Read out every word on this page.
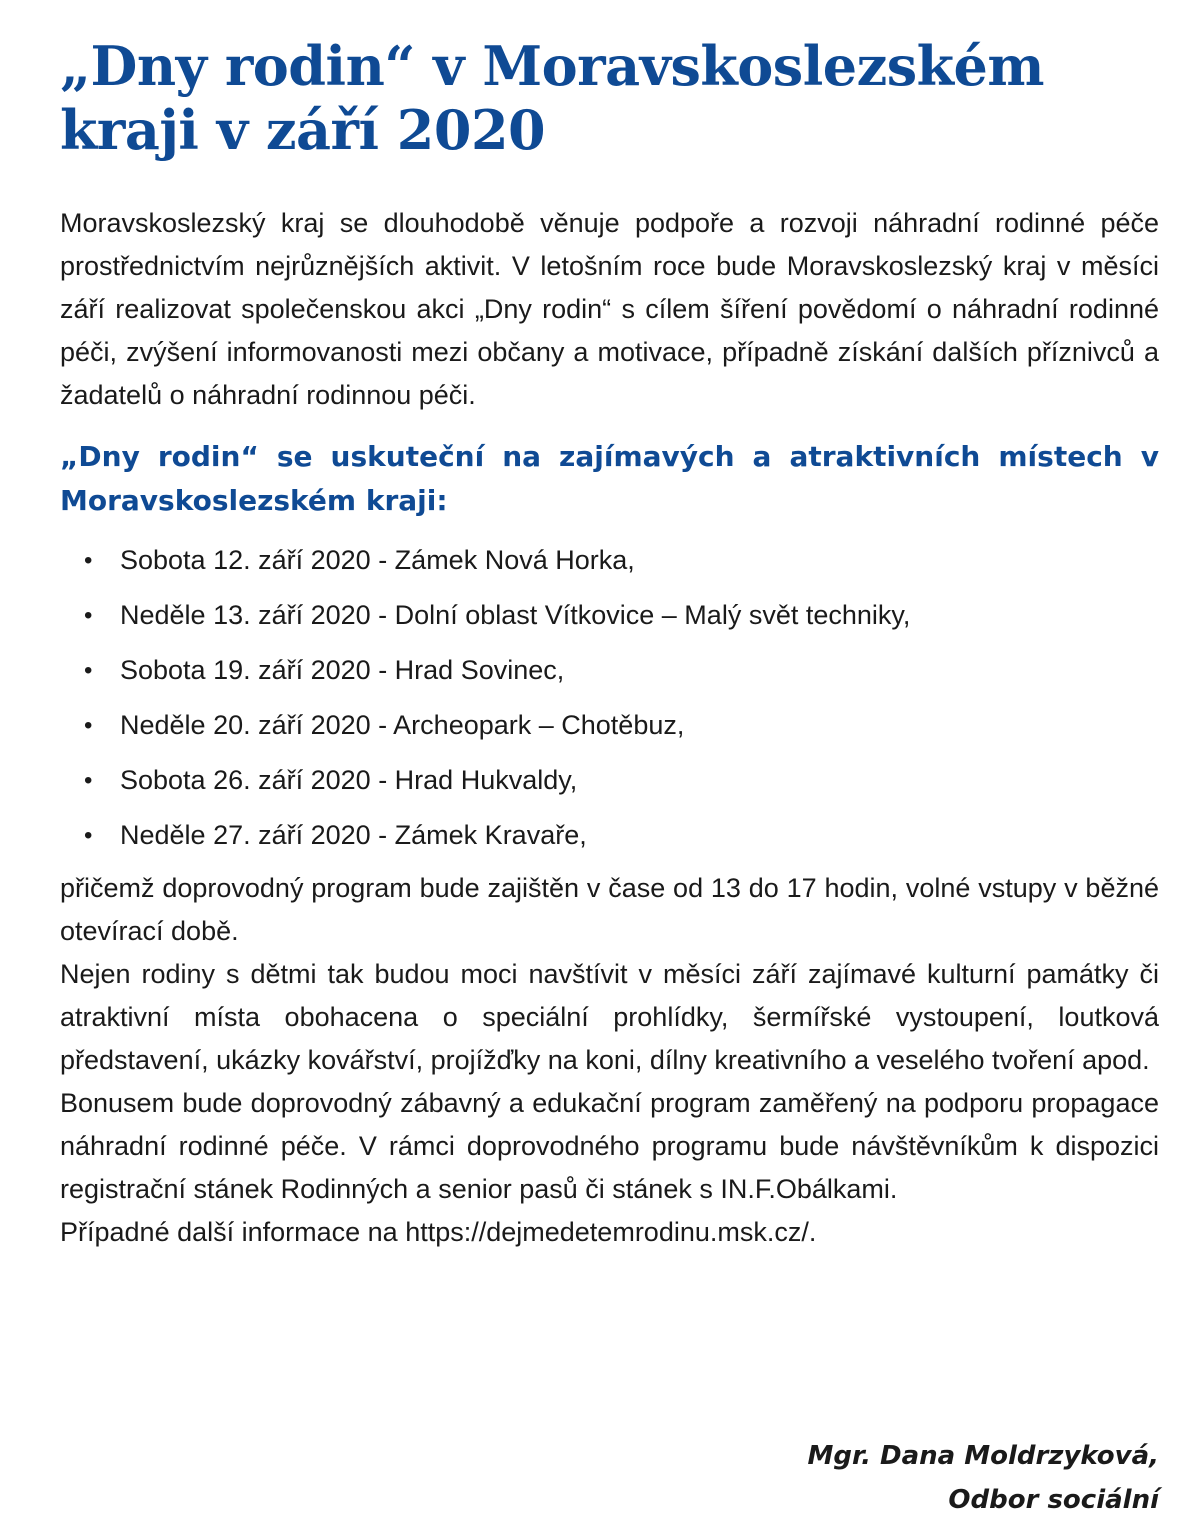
„Dny rodin“ v Moravskoslezském kraji v září 2020

Moravskoslezský kraj se dlouhodobě věnuje podpoře a rozvoji náhradní rodinné péče prostřednictvím nejrůznějších aktivit. V letošním roce bude Moravskoslezský kraj v měsíci září realizovat společenskou akci „Dny rodin“ s cílem šíření povědomí o náhradní rodinné péči, zvýšení informovanosti mezi občany a motivace, případně získání dalších příznivců a žadatelů o náhradní rodinnou péči.

„Dny rodin“ se uskuteční na zajímavých a atraktivních místech v Moravskoslezském kraji:
• Sobota 12. září 2020 - Zámek Nová Horka,
• Neděle 13. září 2020 - Dolní oblast Vítkovice – Malý svět techniky,
• Sobota 19. září 2020 - Hrad Sovinec,
• Neděle 20. září 2020 - Archeopark – Chotěbuz,
• Sobota 26. září 2020 - Hrad Hukvaldy,
• Neděle 27. září 2020 - Zámek Kravaře,

přičemž doprovodný program bude zajištěn v čase od 13 do 17 hodin, volné vstupy v běžné otevírací době.

Nejen rodiny s dětmi tak budou moci navštívit v měsíci září zajímavé kulturní památky či atraktivní místa obohacena o speciální prohlídky, šermířské vystoupení, loutková představení, ukázky kovářství, projížďky na koni, dílny kreativního a veselého tvoření apod.

Bonusem bude doprovodný zábavný a edukační program zaměřený na podporu propagace náhradní rodinné péče. V rámci doprovodného programu bude návštěvníkům k dispozici registrační stánek Rodinných a senior pasů či stánek s IN.F.Obálkami.

Případné další informace na https://dejmedetemrodinu.msk.cz/.

Mgr. Dana Moldrzyková,
Odbor sociální
